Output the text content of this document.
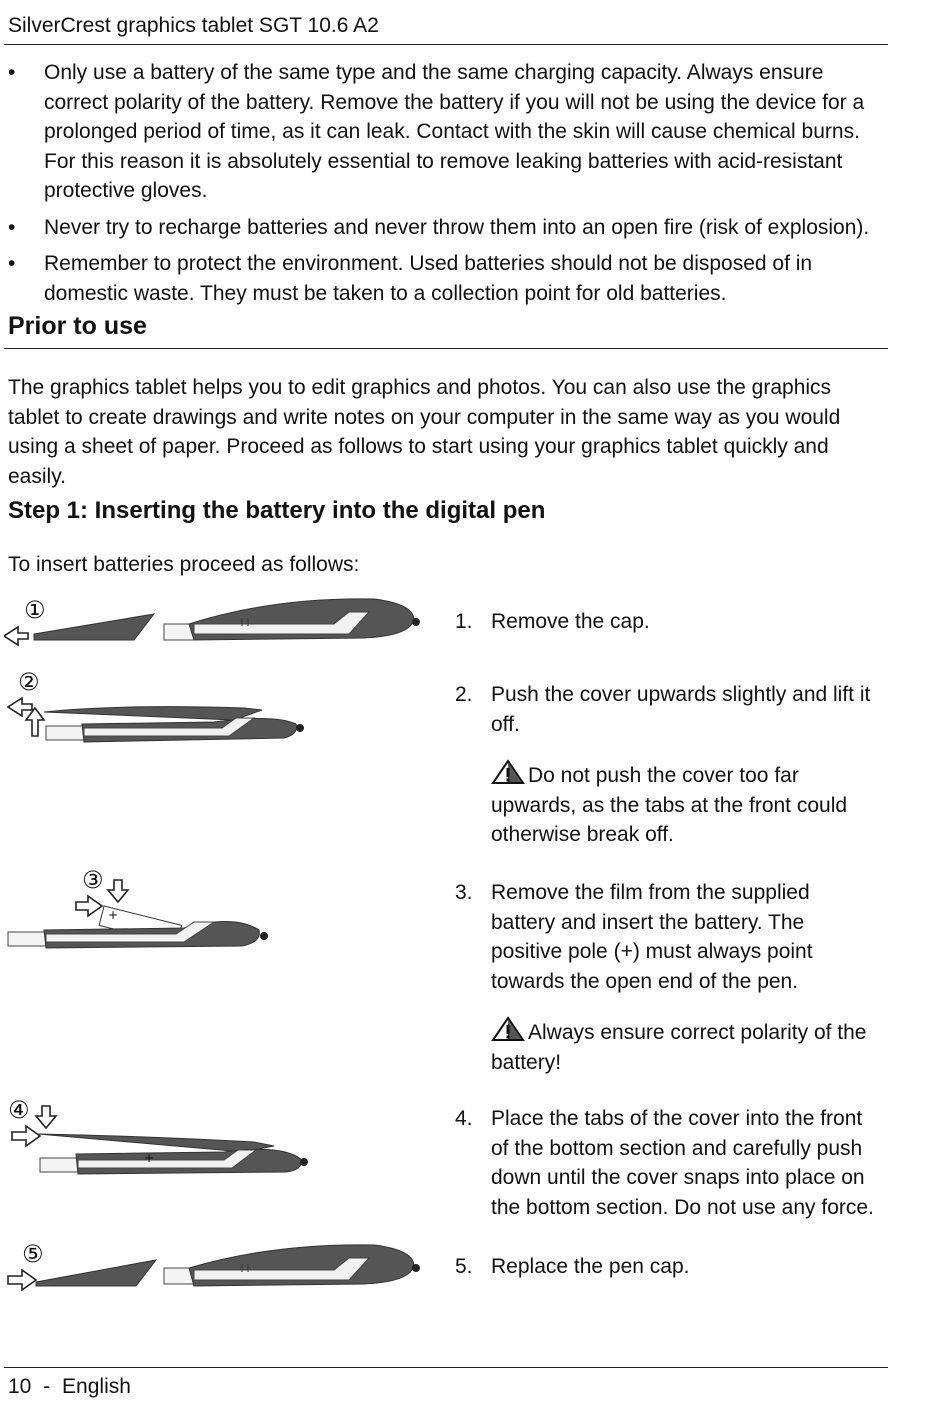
SilverCrest graphics tablet SGT 10.6 A2
• Only use a battery of the same type and the same charging capacity. Always ensure correct polarity of the battery. Remove the battery if you will not be using the device for a prolonged period of time, as it can leak. Contact with the skin will cause chemical burns. For this reason it is absolutely essential to remove leaking batteries with acid-resistant protective gloves.
• Never try to recharge batteries and never throw them into an open fire (risk of explosion).
• Remember to protect the environment. Used batteries should not be disposed of in domestic waste. They must be taken to a collection point for old batteries.
Prior to use
The graphics tablet helps you to edit graphics and photos. You can also use the graphics tablet to create drawings and write notes on your computer in the same way as you would using a sheet of paper. Proceed as follows to start using your graphics tablet quickly and easily.
Step 1: Inserting the battery into the digital pen
To insert batteries proceed as follows:
①
②
③
+
④
+
⑤
1. Remove the cap.
2. Push the cover upwards slightly and lift it off.
Do not push the cover too far upwards, as the tabs at the front could otherwise break off.
3. Remove the film from the supplied battery and insert the battery. The positive pole (+) must always point towards the open end of the pen.
Always ensure correct polarity of the battery!
4. Place the tabs of the cover into the front of the bottom section and carefully push down until the cover snaps into place on the bottom section. Do not use any force.
5. Replace the pen cap.
10 - English
